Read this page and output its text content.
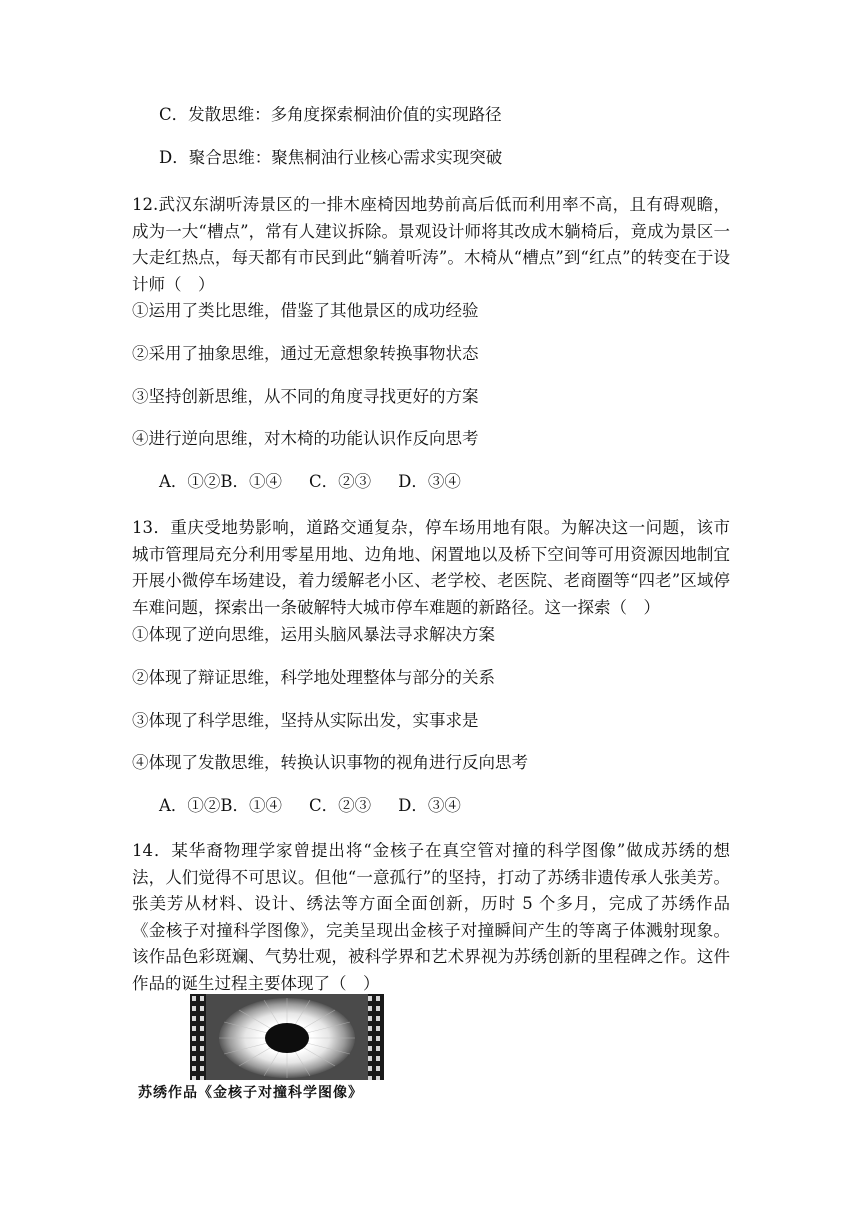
C．发散思维：多角度探索桐油价值的实现路径
D．聚合思维：聚焦桐油行业核心需求实现突破
12.武汉东湖听涛景区的一排木座椅因地势前高后低而利用率不高，且有碍观瞻，成为一大“槽点”，常有人建议拆除。景观设计师将其改成木躺椅后，竟成为景区一大走红热点，每天都有市民到此“躺着听涛”。木椅从“槽点”到“红点”的转变在于设计师（　）
①运用了类比思维，借鉴了其他景区的成功经验
②采用了抽象思维，通过无意想象转换事物状态
③坚持创新思维，从不同的角度寻找更好的方案
④进行逆向思维，对木椅的功能认识作反向思考
A．①②B．①④　  C．②③　  D．③④
13．重庆受地势影响，道路交通复杂，停车场用地有限。为解决这一问题，该市城市管理局充分利用零星用地、边角地、闲置地以及桥下空间等可用资源因地制宜开展小微停车场建设，着力缓解老小区、老学校、老医院、老商圈等“四老”区域停车难问题，探索出一条破解特大城市停车难题的新路径。这一探索（　）
①体现了逆向思维，运用头脑风暴法寻求解决方案
②体现了辩证思维，科学地处理整体与部分的关系
③体现了科学思维，坚持从实际出发，实事求是
④体现了发散思维，转换认识事物的视角进行反向思考
A．①②B．①④　  C．②③　  D．③④
14．某华裔物理学家曾提出将“金核子在真空管对撞的科学图像”做成苏绣的想法，人们觉得不可思议。但他“一意孤行”的坚持，打动了苏绣非遗传承人张美芳。张美芳从材料、设计、绣法等方面全面创新，历时 5 个多月，完成了苏绣作品《金核子对撞科学图像》，完美呈现出金核子对撞瞬间产生的等离子体溅射现象。该作品色彩斑斓、气势壮观，被科学界和艺术界视为苏绣创新的里程碑之作。这件作品的诞生过程主要体现了（　）
苏绣作品《金核子对撞科学图像》
